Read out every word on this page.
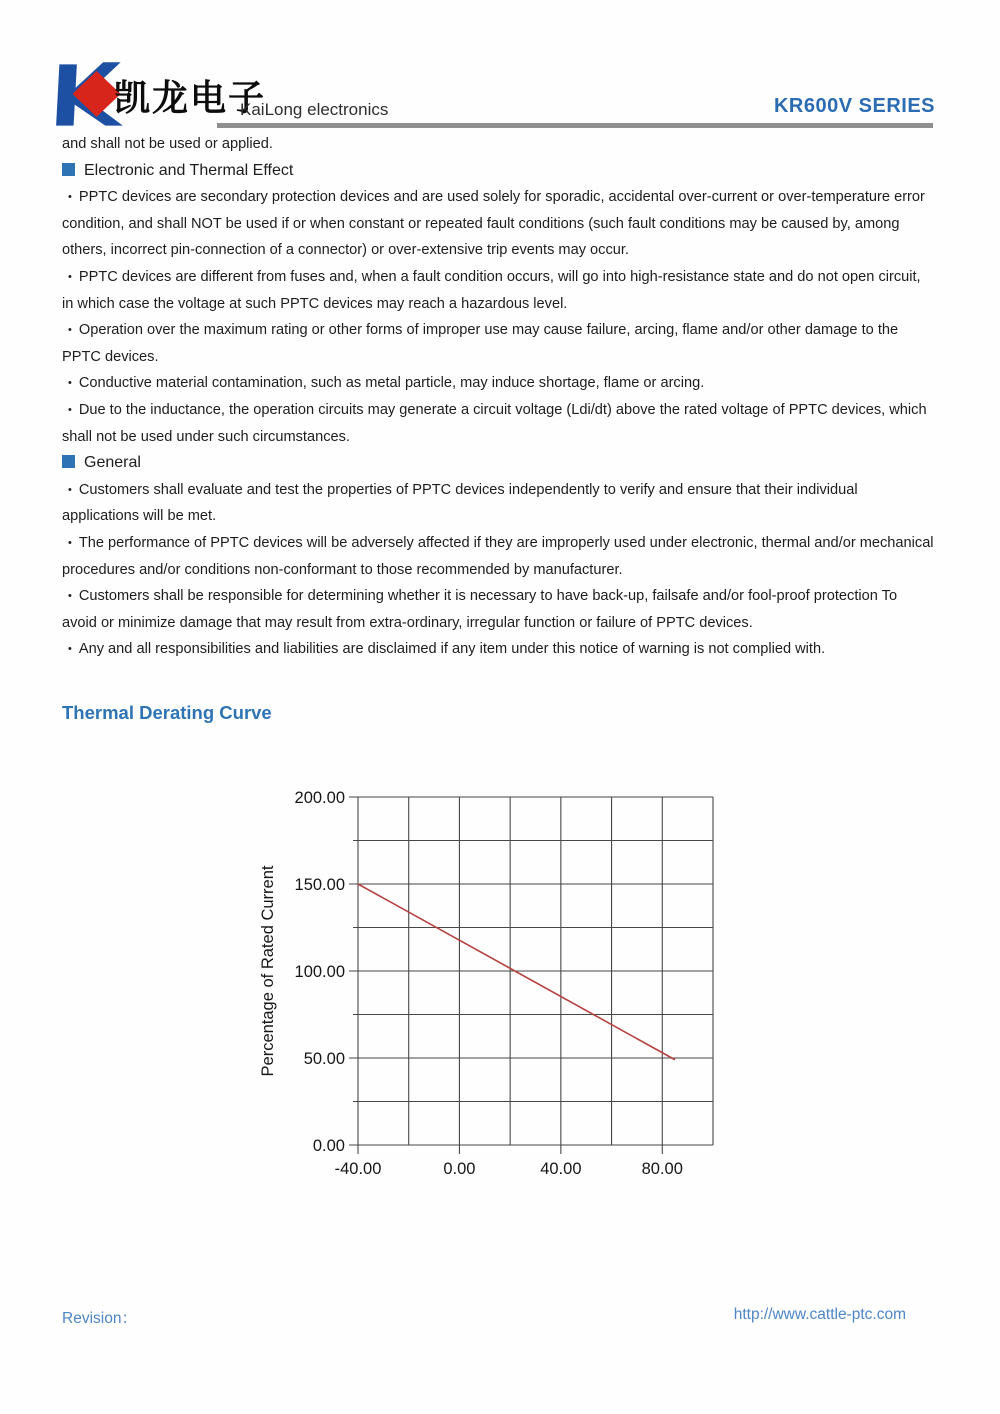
凯龙电子
KaiLong electronics	KR600V SERIES

and shall not be used or applied.

Electronic and Thermal Effect

• PPTC devices are secondary protection devices and are used solely for sporadic, accidental over-current or over-temperature error condition, and shall NOT be used if or when constant or repeated fault conditions (such fault conditions may be caused by, among others, incorrect pin-connection of a connector) or over-extensive trip events may occur.

• PPTC devices are different from fuses and, when a fault condition occurs, will go into high-resistance state and do not open circuit, in which case the voltage at such PPTC devices may reach a hazardous level.

• Operation over the maximum rating or other forms of improper use may cause failure, arcing, flame and/or other damage to the PPTC devices.

• Conductive material contamination, such as metal particle, may induce shortage, flame or arcing.

• Due to the inductance, the operation circuits may generate a circuit voltage (Ldi/dt) above the rated voltage of PPTC devices, which shall not be used under such circumstances.

General

• Customers shall evaluate and test the properties of PPTC devices independently to verify and ensure that their individual applications will be met.

• The performance of PPTC devices will be adversely affected if they are improperly used under electronic, thermal and/or mechanical procedures and/or conditions non-conformant to those recommended by manufacturer.

• Customers shall be responsible for determining whether it is necessary to have back-up, failsafe and/or fool-proof protection To avoid or minimize damage that may result from extra-ordinary, irregular function or failure of PPTC devices.

• Any and all responsibilities and liabilities are disclaimed if any item under this notice of warning is not complied with.

Thermal Derating Curve
-40.00	0.00	40.00	80.00
0.00
50.00
100.00
150.00
200.00
Percentage of Rated Current
Revision：	http://www.cattle-ptc.com
